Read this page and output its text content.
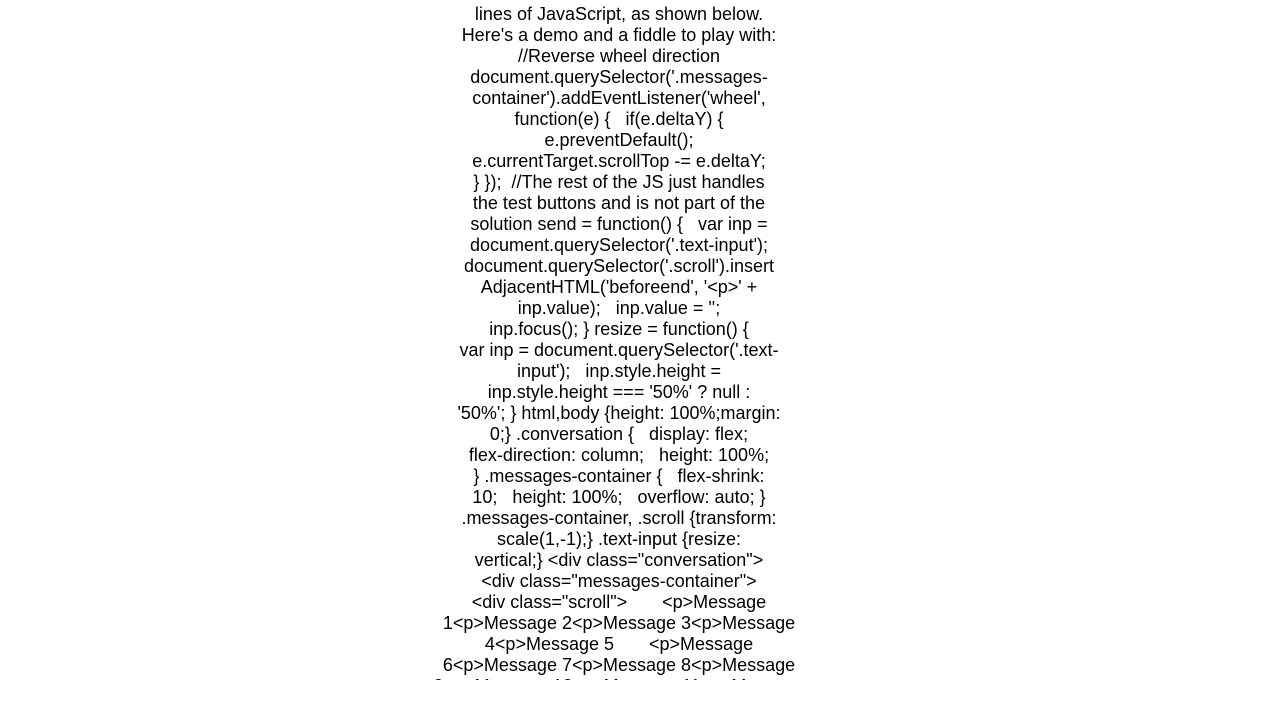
lines of JavaScript, as shown below.
Here's a demo and a fiddle to play with:
//Reverse wheel direction
document.querySelector('.messages-
container').addEventListener('wheel',
function(e) {   if(e.deltaY) {
e.preventDefault();
e.currentTarget.scrollTop -= e.deltaY;
} });  //The rest of the JS just handles
the test buttons and is not part of the
solution send = function() {   var inp =
document.querySelector('.text-input');
document.querySelector('.scroll').insert
AdjacentHTML('beforeend', '<p>' +
inp.value);   inp.value = '';
inp.focus(); } resize = function() {
var inp = document.querySelector('.text-
input');   inp.style.height =
inp.style.height === '50%' ? null :
'50%'; } html,body {height: 100%;margin:
0;} .conversation {   display: flex;
flex-direction: column;   height: 100%;
} .messages-container {   flex-shrink:
10;   height: 100%;   overflow: auto; }
.messages-container, .scroll {transform:
scale(1,-1);} .text-input {resize:
vertical;} <div class="conversation">
<div class="messages-container">
<div class="scroll">       <p>Message
1<p>Message 2<p>Message 3<p>Message
4<p>Message 5       <p>Message
6<p>Message 7<p>Message 8<p>Message
